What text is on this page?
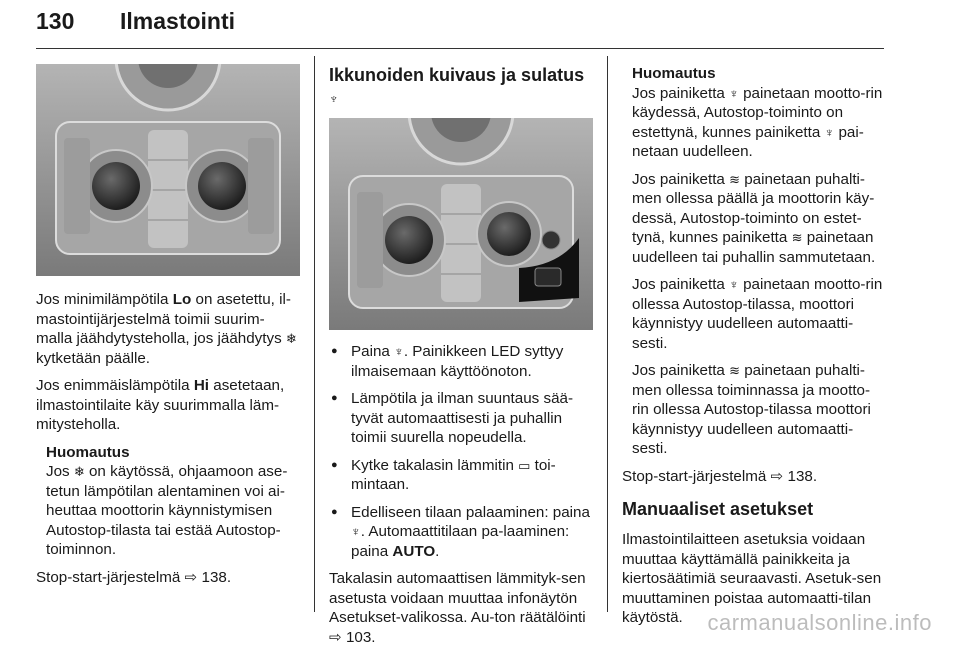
130 Ilmastointi

Jos minimilämpötila Lo on asetettu, il-mastointijärjestelmä toimii suurim-malla jäähdytysteholla, jos jäähdytys ❄ kytketään päälle.

Jos enimmäislämpötila Hi asetetaan, ilmastointilaite käy suurimmalla läm-mitysteholla.

Huomautus
Jos ❄ on käytössä, ohjaamoon ase-tetun lämpötilan alentaminen voi ai-heuttaa moottorin käynnistymisen Autostop-tilasta tai estää Autostop-toiminnon.

Stop-start-järjestelmä ⇨ 138.

Ikkunoiden kuivaus ja sulatus ♆
● Paina ♆. Painikkeen LED syttyy ilmaisemaan käyttöönoton.
● Lämpötila ja ilman suuntaus sää-tyvät automaattisesti ja puhallin toimii suurella nopeudella.
● Kytke takalasin lämmitin ▭ toi-mintaan.
● Edelliseen tilaan palaaminen: paina ♆. Automaattitilaan pa-laaminen: paina AUTO.

Takalasin automaattisen lämmityk-sen asetusta voidaan muuttaa infonäytön Asetukset-valikossa. Au-ton räätälöinti ⇨ 103.

Huomautus
Jos painiketta ♆ painetaan mootto-rin käydessä, Autostop-toiminto on estettynä, kunnes painiketta ♆ pai-netaan uudelleen.

Jos painiketta ≋ painetaan puhalti-men ollessa päällä ja moottorin käy-dessä, Autostop-toiminto on estet-tynä, kunnes painiketta ≋ painetaan uudelleen tai puhallin sammutetaan.

Jos painiketta ♆ painetaan mootto-rin ollessa Autostop-tilassa, moottori käynnistyy uudelleen automaatti-sesti.

Jos painiketta ≋ painetaan puhalti-men ollessa toiminnassa ja mootto-rin ollessa Autostop-tilassa moottori käynnistyy uudelleen automaatti-sesti.

Stop-start-järjestelmä ⇨ 138.

Manuaaliset asetukset

Ilmastointilaitteen asetuksia voidaan muuttaa käyttämällä painikkeita ja kiertosäätimiä seuraavasti. Asetuk-sen muuttaminen poistaa automaatti-tilan käytöstä.	carmanualsonline.info
